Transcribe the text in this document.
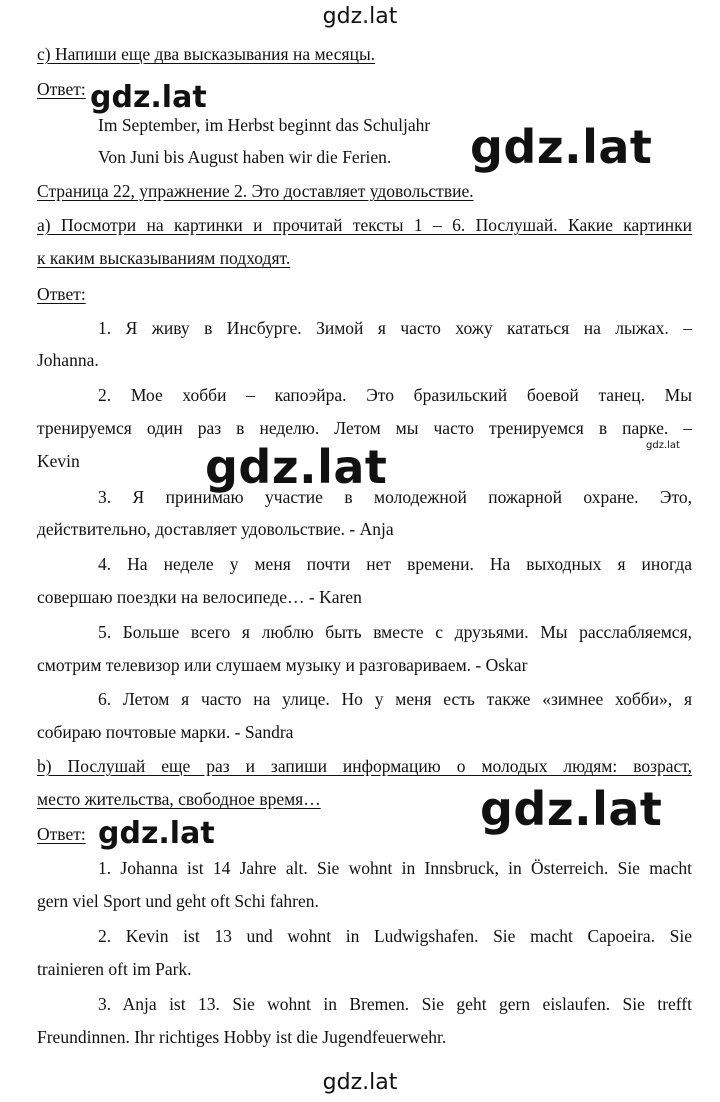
gdz.lat
gdz.lat
gdz.lat
gdz.lat
gdz.lat
gdz.lat
gdz.lat
gdz.lat
с) Напиши еще два высказывания на месяцы.
Ответ:
Im September, im Herbst beginnt das Schuljahr
Von Juni bis August haben wir die Ferien.
Страница 22, упражнение 2. Это доставляет удовольствие.
а) Посмотри на картинки и прочитай тексты 1 – 6. Послушай. Какие картинки
к каким высказываниям подходят.
Ответ:
1. Я живу в Инсбурге. Зимой я часто хожу кататься на лыжах. –
Johanna.
2. Мое хобби – капоэйра. Это бразильский боевой танец. Мы
тренируемся один раз в неделю. Летом мы часто тренируемся в парке. –
Kevin
3. Я принимаю участие в молодежной пожарной охране. Это,
действительно, доставляет удовольствие. - Anja
4. На неделе у меня почти нет времени. На выходных я иногда
совершаю поездки на велосипеде… - Karen
5. Больше всего я люблю быть вместе с друзьями. Мы расслабляемся,
смотрим телевизор или слушаем музыку и разговариваем. - Oskar
6. Летом я часто на улице. Но у меня есть также «зимнее хобби», я
собираю почтовые марки. - Sandra
b) Послушай еще раз и запиши информацию о молодых людям: возраст,
место жительства, свободное время…
Ответ:
1. Johanna ist 14 Jahre alt. Sie wohnt in Innsbruck, in Österreich. Sie macht
gern viel Sport und geht oft Schi fahren.
2. Kevin ist 13 und wohnt in Ludwigshafen. Sie macht Capoeira. Sie
trainieren oft im Park.
3. Anja ist 13. Sie wohnt in Bremen. Sie geht gern eislaufen. Sie trefft
Freundinnen. Ihr richtiges Hobby ist die Jugendfeuerwehr.
